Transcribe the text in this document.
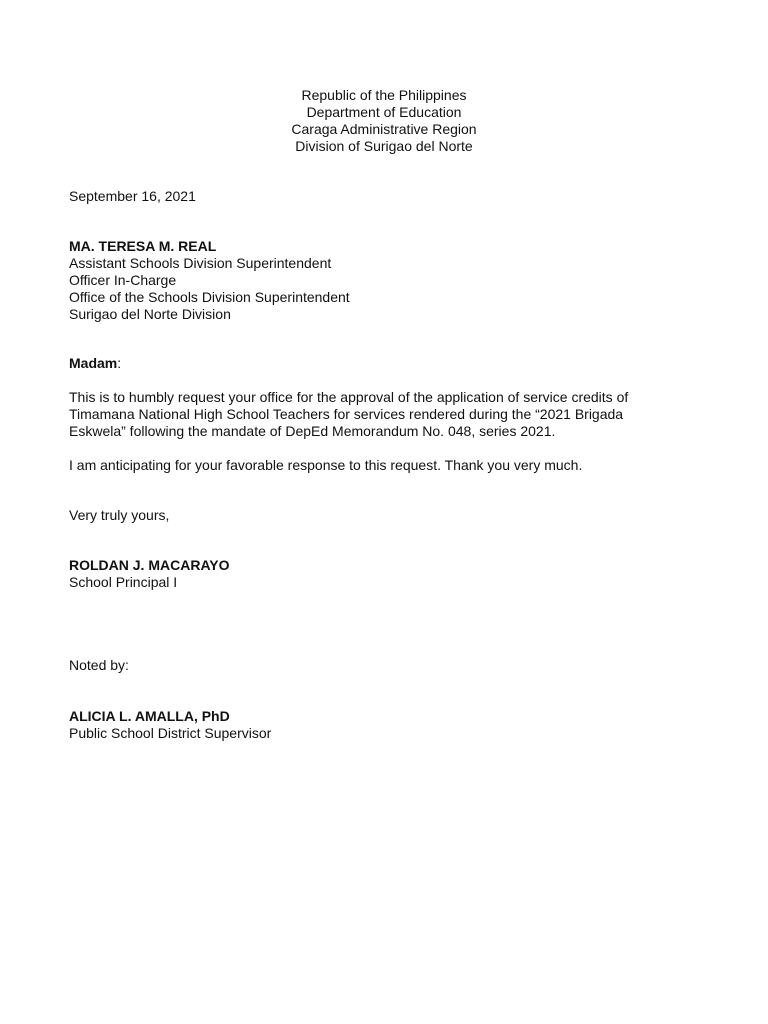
Republic of the Philippines
Department of Education
Caraga Administrative Region
Division of Surigao del Norte
September 16, 2021
MA. TERESA M. REAL
Assistant Schools Division Superintendent
Officer In-Charge
Office of the Schools Division Superintendent
Surigao del Norte Division
Madam:
This is to humbly request your office for the approval of the application of service credits of
Timamana National High School Teachers for services rendered during the “2021 Brigada
Eskwela” following the mandate of DepEd Memorandum No. 048, series 2021.
I am anticipating for your favorable response to this request. Thank you very much.
Very truly yours,
ROLDAN J. MACARAYO
School Principal I
Noted by:
ALICIA L. AMALLA, PhD
Public School District Supervisor
